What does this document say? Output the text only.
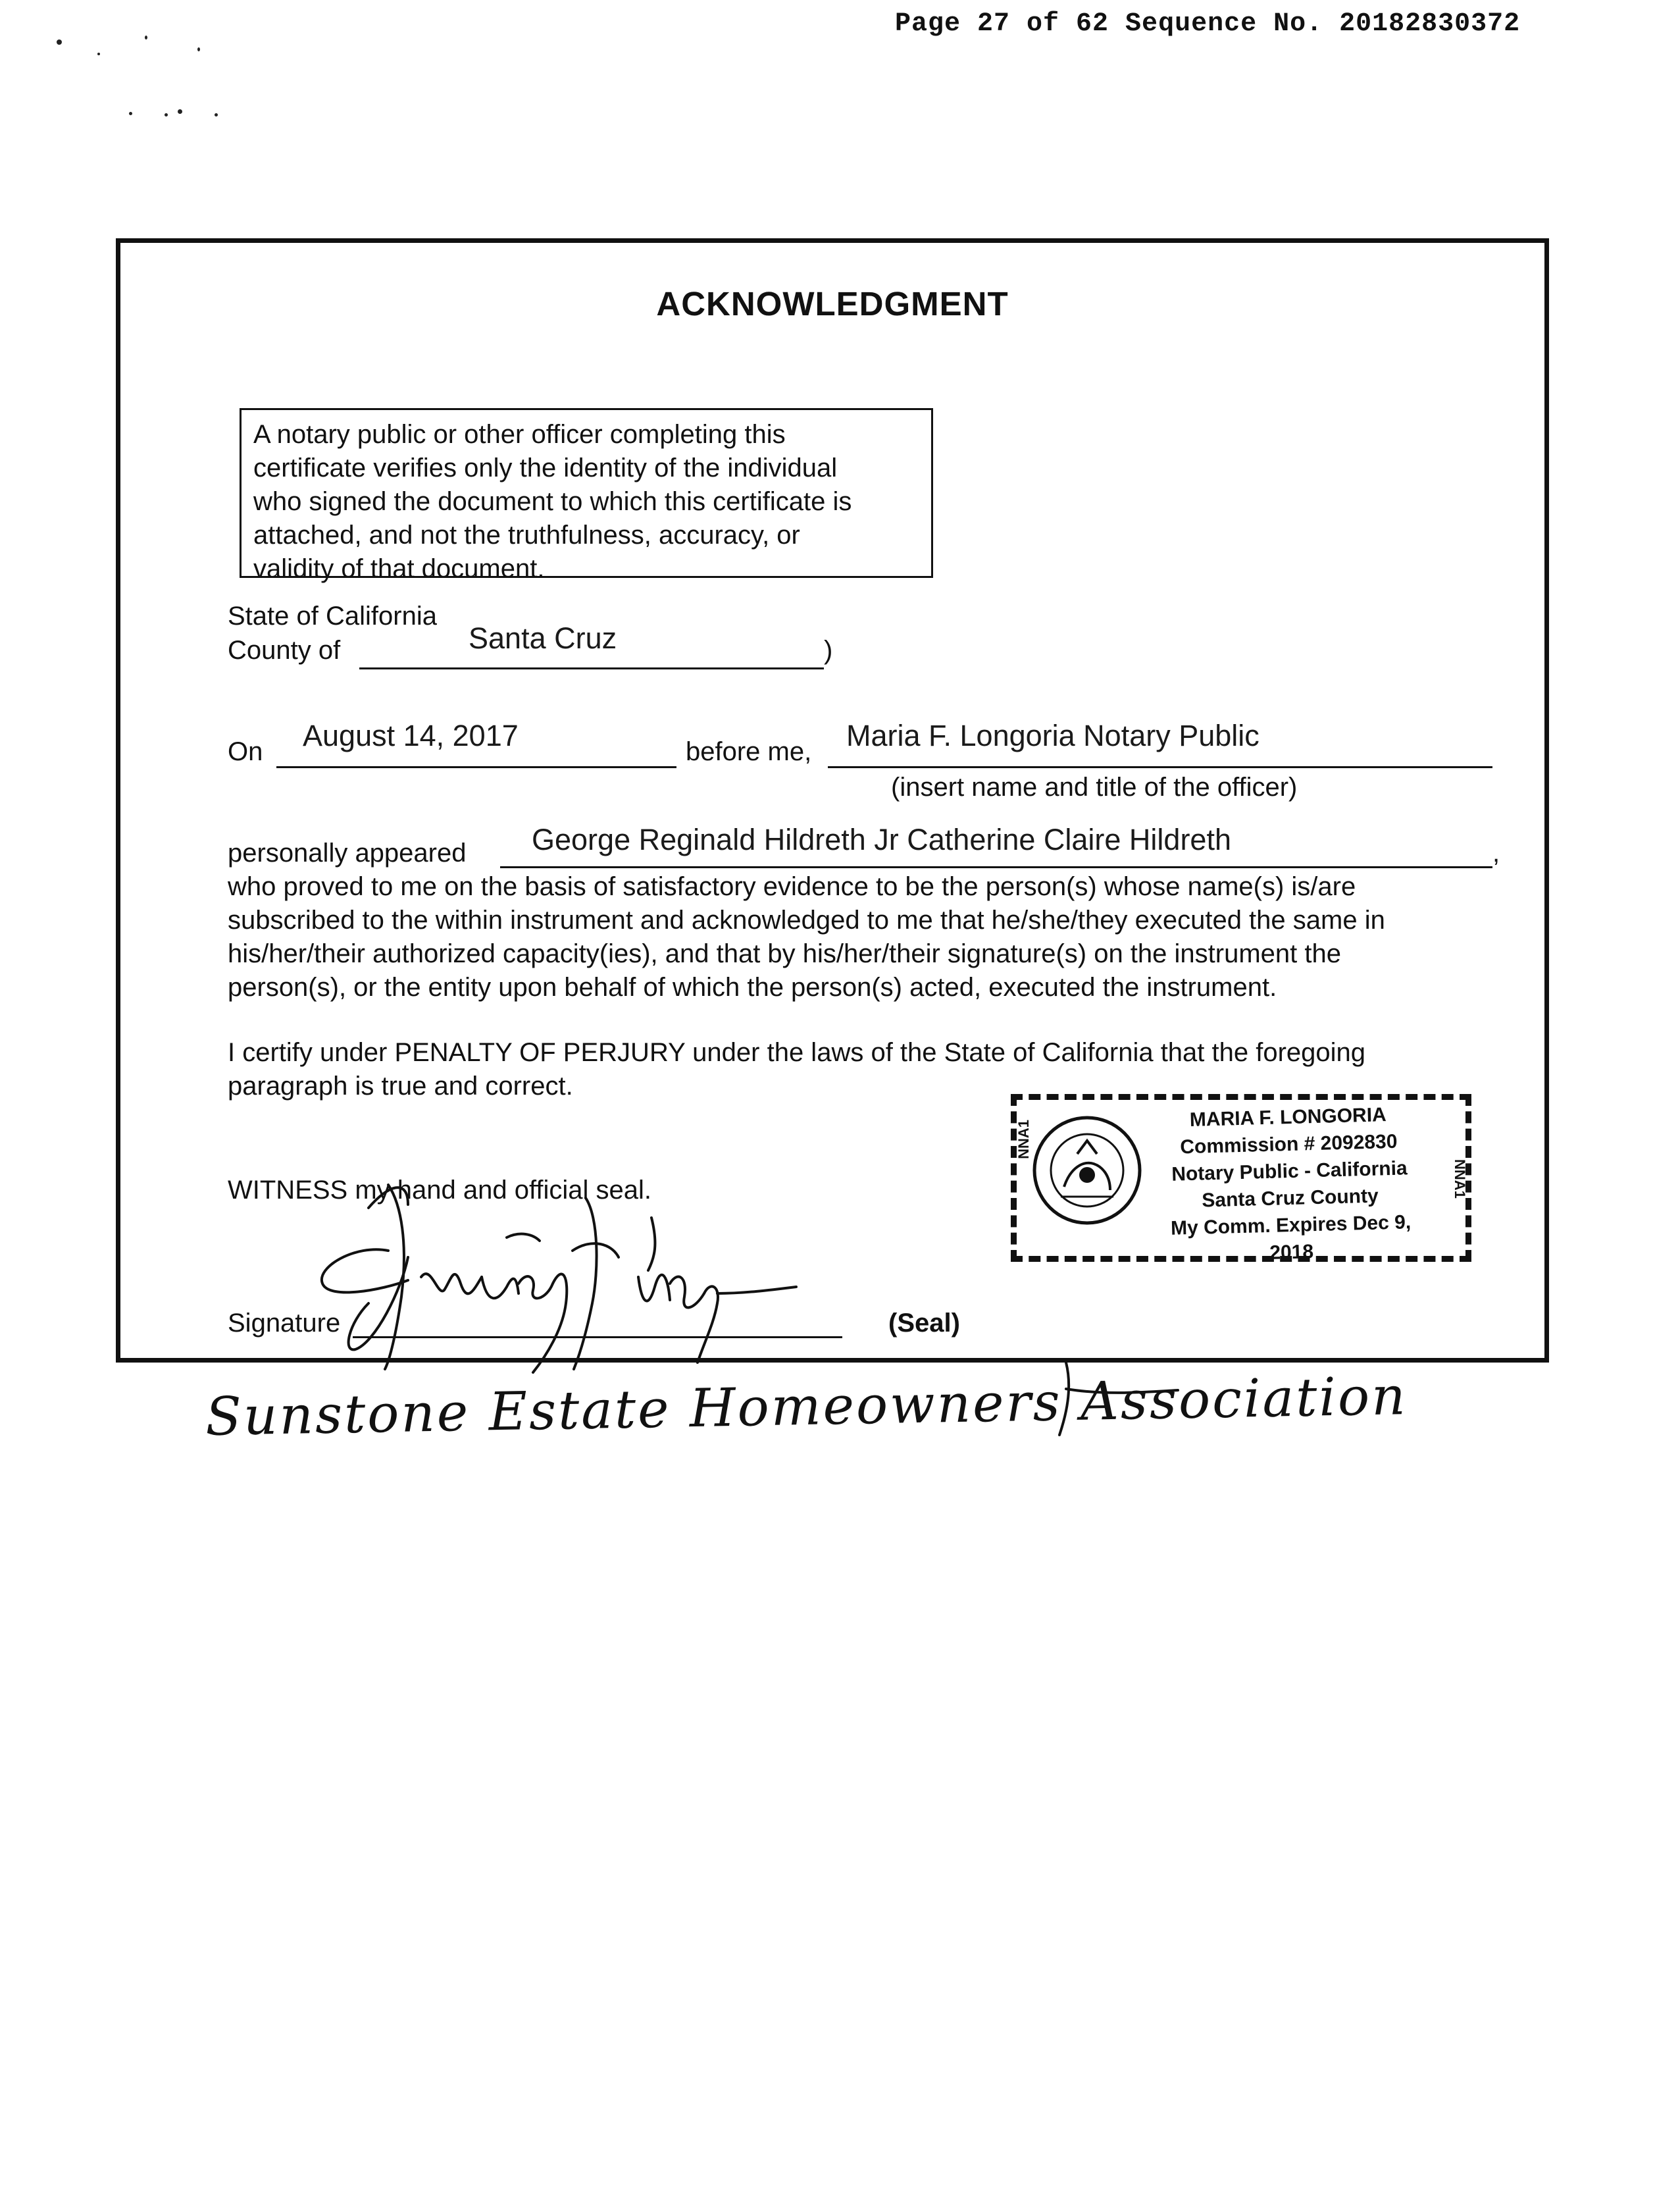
Page 27 of 62 Sequence No. 20182830372
ACKNOWLEDGMENT
A notary public or other officer completing this
certificate verifies only the identity of the individual
who signed the document to which this certificate is
attached, and not the truthfulness, accuracy, or
validity of that document.
State of California
County of	Santa Cruz	)
On August 14, 2017	before me, Maria F. Longoria Notary Public
(insert name and title of the officer)
personally appeared George Reginald Hildreth Jr Catherine Claire Hildreth	,
who proved to me on the basis of satisfactory evidence to be the person(s) whose name(s) is/are
subscribed to the within instrument and acknowledged to me that he/she/they executed the same in
his/her/their authorized capacity(ies), and that by his/her/their signature(s) on the instrument the
person(s), or the entity upon behalf of which the person(s) acted, executed the instrument.
I certify under PENALTY OF PERJURY under the laws of the State of California that the foregoing
paragraph is true and correct.
WITNESS my hand and official seal.
Signature	(Seal)
NNA1
NNA1
MARIA F. LONGORIA
Commission # 2092830
Notary Public - California
Santa Cruz County
My Comm. Expires Dec 9, 2018
Sunstone Estate Homeowners Association
